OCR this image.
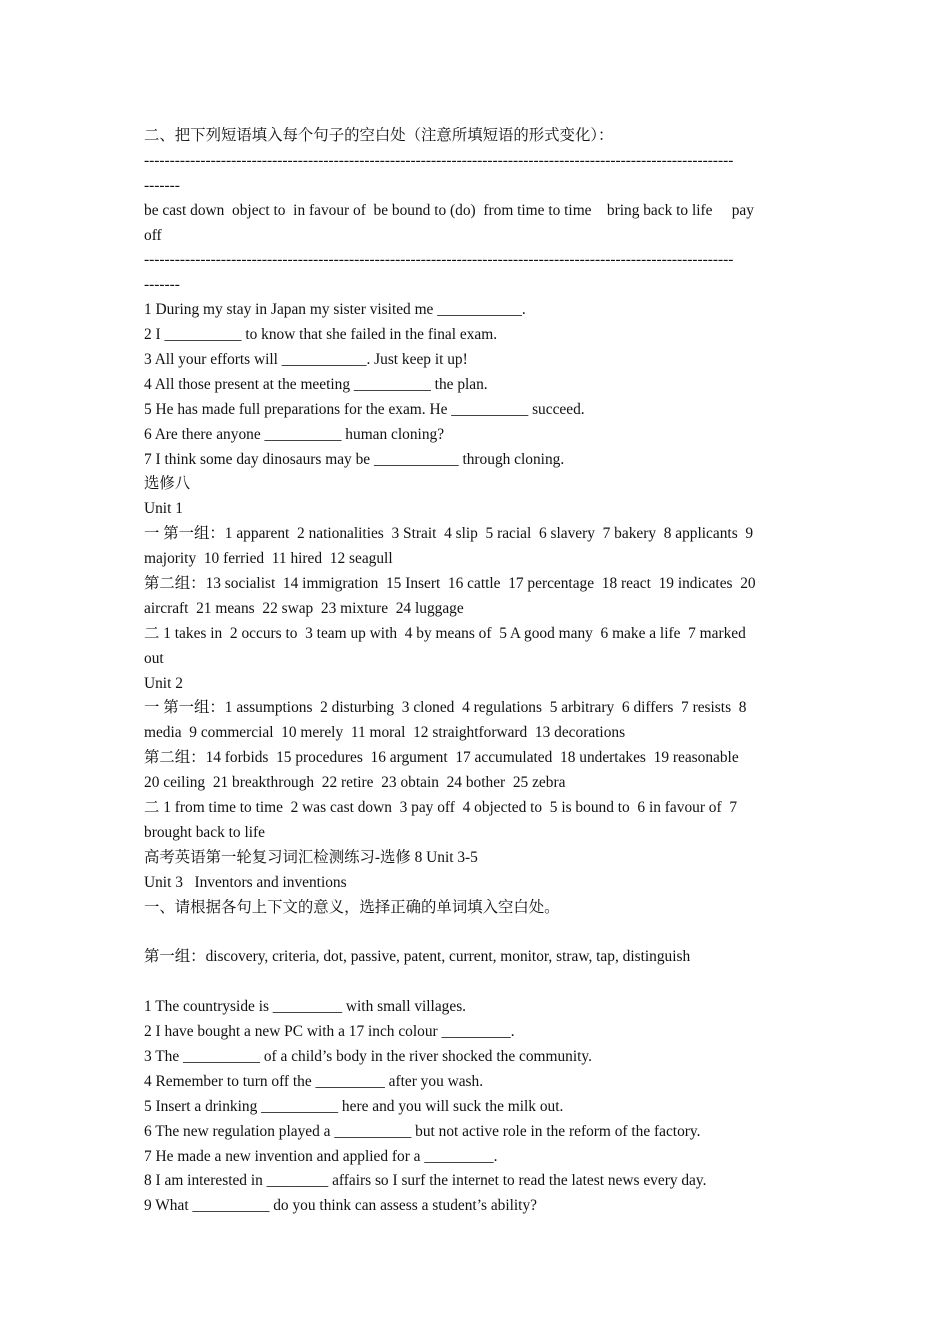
二、把下列短语填入每个句子的空白处（注意所填短语的形式变化）：
-------------------------------------------------------------------------------------------------------------------
-------
be cast down  object to  in favour of  be bound to (do)  from time to time    bring back to life     pay
off
-------------------------------------------------------------------------------------------------------------------
-------
1 During my stay in Japan my sister visited me ___________.
2 I __________ to know that she failed in the final exam.
3 All your efforts will ___________. Just keep it up!
4 All those present at the meeting __________ the plan.
5 He has made full preparations for the exam. He __________ succeed.
6 Are there anyone __________ human cloning?
7 I think some day dinosaurs may be ___________ through cloning.
选修八
Unit 1
一 第一组：1 apparent  2 nationalities  3 Strait  4 slip  5 racial  6 slavery  7 bakery  8 applicants  9
majority  10 ferried  11 hired  12 seagull
第二组：13 socialist  14 immigration  15 Insert  16 cattle  17 percentage  18 react  19 indicates  20
aircraft  21 means  22 swap  23 mixture  24 luggage
二 1 takes in  2 occurs to  3 team up with  4 by means of  5 A good many  6 make a life  7 marked
out
Unit 2
一 第一组：1 assumptions  2 disturbing  3 cloned  4 regulations  5 arbitrary  6 differs  7 resists  8
media  9 commercial  10 merely  11 moral  12 straightforward  13 decorations
第二组：14 forbids  15 procedures  16 argument  17 accumulated  18 undertakes  19 reasonable
20 ceiling  21 breakthrough  22 retire  23 obtain  24 bother  25 zebra
二 1 from time to time  2 was cast down  3 pay off  4 objected to  5 is bound to  6 in favour of  7
brought back to life
高考英语第一轮复习词汇检测练习-选修 8 Unit 3-5
Unit 3   Inventors and inventions
一、请根据各句上下文的意义，选择正确的单词填入空白处。
第一组：discovery, criteria, dot, passive, patent, current, monitor, straw, tap, distinguish
1 The countryside is _________ with small villages.
2 I have bought a new PC with a 17 inch colour _________.
3 The __________ of a child’s body in the river shocked the community.
4 Remember to turn off the _________ after you wash.
5 Insert a drinking __________ here and you will suck the milk out.
6 The new regulation played a __________ but not active role in the reform of the factory.
7 He made a new invention and applied for a _________.
8 I am interested in ________ affairs so I surf the internet to read the latest news every day.
9 What __________ do you think can assess a student’s ability?
